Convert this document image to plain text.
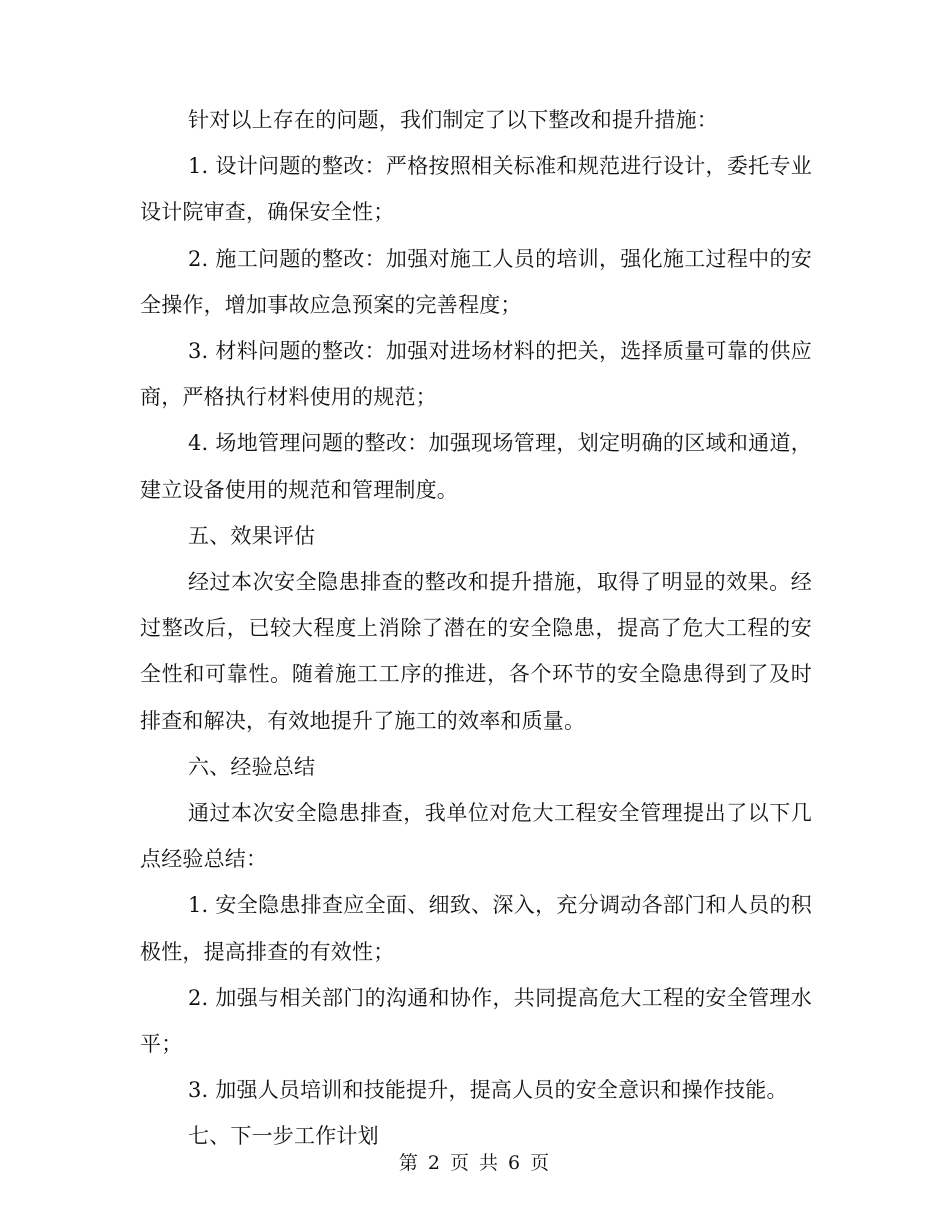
针对以上存在的问题，我们制定了以下整改和提升措施：

1. 设计问题的整改：严格按照相关标准和规范进行设计，委托专业设计院审查，确保安全性；

2. 施工问题的整改：加强对施工人员的培训，强化施工过程中的安全操作，增加事故应急预案的完善程度；

3. 材料问题的整改：加强对进场材料的把关，选择质量可靠的供应商，严格执行材料使用的规范；

4. 场地管理问题的整改：加强现场管理，划定明确的区域和通道，建立设备使用的规范和管理制度。

五、效果评估

经过本次安全隐患排查的整改和提升措施，取得了明显的效果。经过整改后，已较大程度上消除了潜在的安全隐患，提高了危大工程的安全性和可靠性。随着施工工序的推进，各个环节的安全隐患得到了及时排查和解决，有效地提升了施工的效率和质量。

六、经验总结

通过本次安全隐患排查，我单位对危大工程安全管理提出了以下几点经验总结：

1. 安全隐患排查应全面、细致、深入，充分调动各部门和人员的积极性，提高排查的有效性；

2. 加强与相关部门的沟通和协作，共同提高危大工程的安全管理水平；

3. 加强人员培训和技能提升，提高人员的安全意识和操作技能。

七、下一步工作计划

第 2 页 共 6 页
